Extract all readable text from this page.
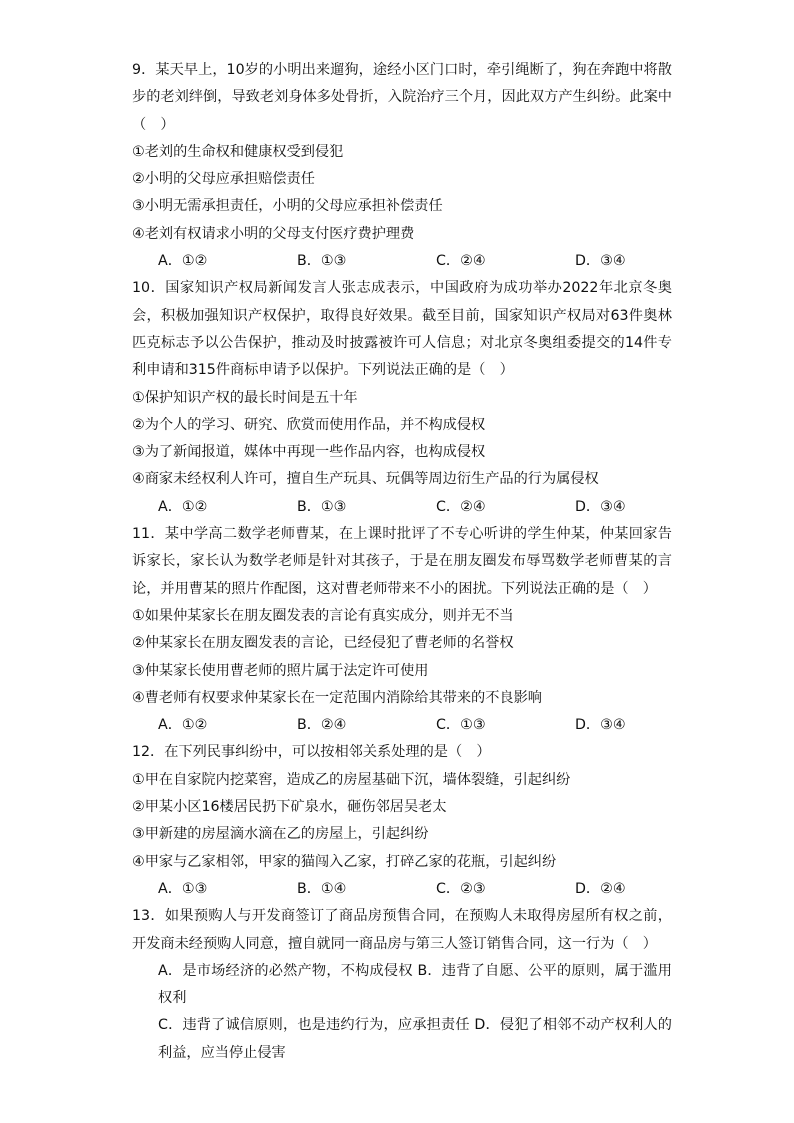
9．某天早上，10岁的小明出来遛狗，途经小区门口时，牵引绳断了，狗在奔跑中将散步的老刘绊倒，导致老刘身体多处骨折，入院治疗三个月，因此双方产生纠纷。此案中（　）

①老刘的生命权和健康权受到侵犯

②小明的父母应承担赔偿责任

③小明无需承担责任，小明的父母应承担补偿责任

④老刘有权请求小明的父母支付医疗费护理费

A．①②	B．①③	C．②④	D．③④

10．国家知识产权局新闻发言人张志成表示，中国政府为成功举办2022年北京冬奥会，积极加强知识产权保护，取得良好效果。截至目前，国家知识产权局对63件奥林匹克标志予以公告保护，推动及时披露被许可人信息；对北京冬奥组委提交的14件专利申请和315件商标申请予以保护。下列说法正确的是（　）

①保护知识产权的最长时间是五十年

②为个人的学习、研究、欣赏而使用作品，并不构成侵权

③为了新闻报道，媒体中再现一些作品内容，也构成侵权

④商家未经权利人许可，擅自生产玩具、玩偶等周边衍生产品的行为属侵权

A．①②	B．①③	C．②④	D．③④

11．某中学高二数学老师曹某，在上课时批评了不专心听讲的学生仲某，仲某回家告诉家长，家长认为数学老师是针对其孩子，于是在朋友圈发布辱骂数学老师曹某的言论，并用曹某的照片作配图，这对曹老师带来不小的困扰。下列说法正确的是（　）

①如果仲某家长在朋友圈发表的言论有真实成分，则并无不当

②仲某家长在朋友圈发表的言论，已经侵犯了曹老师的名誉权

③仲某家长使用曹老师的照片属于法定许可使用

④曹老师有权要求仲某家长在一定范围内消除给其带来的不良影响

A．①②	B．②④	C．①③	D．③④

12．在下列民事纠纷中，可以按相邻关系处理的是（　）

①甲在自家院内挖菜窖，造成乙的房屋基础下沉，墙体裂缝，引起纠纷

②甲某小区16楼居民扔下矿泉水，砸伤邻居吴老太

③甲新建的房屋滴水滴在乙的房屋上，引起纠纷

④甲家与乙家相邻，甲家的猫闯入乙家，打碎乙家的花瓶，引起纠纷

A．①③	B．①④	C．②③	D．②④

13．如果预购人与开发商签订了商品房预售合同，在预购人未取得房屋所有权之前，开发商未经预购人同意，擅自就同一商品房与第三人签订销售合同，这一行为（　）

A．是市场经济的必然产物，不构成侵权 B．违背了自愿、公平的原则，属于滥用权利

C．违背了诚信原则，也是违约行为，应承担责任 D．侵犯了相邻不动产权利人的利益，应当停止侵害
